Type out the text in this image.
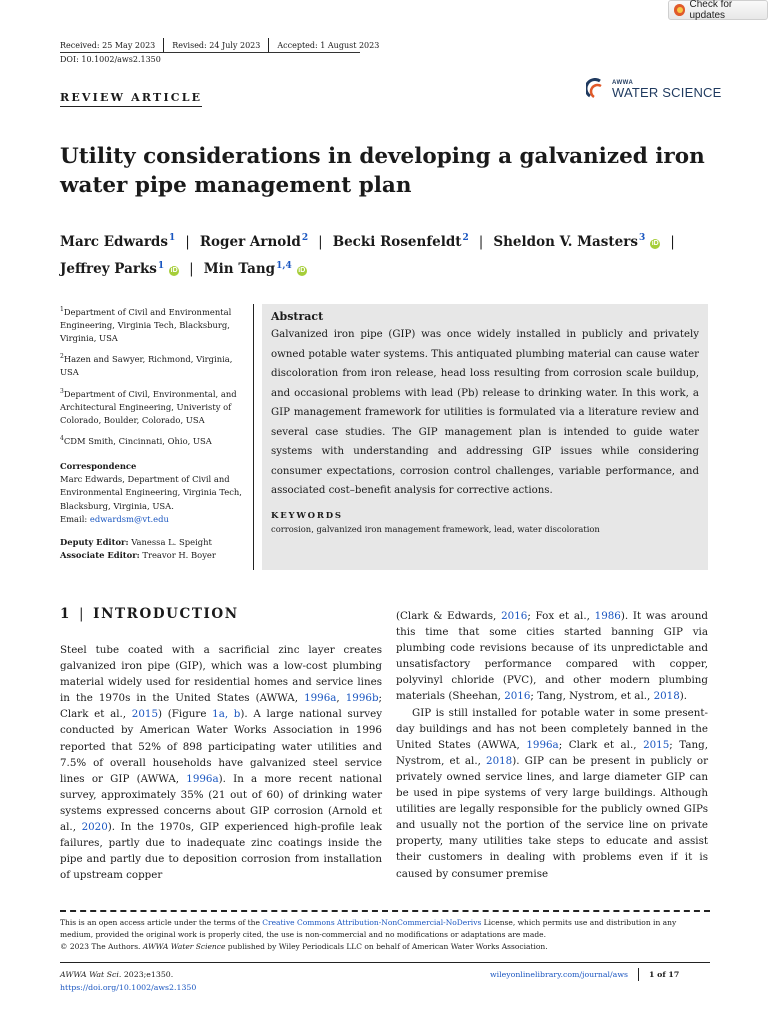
Check for updates
Received: 25 May 2023 Revised: 24 July 2023 Accepted: 1 August 2023
DOI: 10.1002/aws2.1350
REVIEW ARTICLE
AWWA
WATER SCIENCE
Utility considerations in developing a galvanized iron water pipe management plan
Marc Edwards$^1$ | Roger Arnold$^2$ | Becki Rosenfeldt$^2$ | Sheldon V. Masters$^3$ iD |
Jeffrey Parks$^1$ iD | Min Tang$^{1,4}$ iD

$^1$Department of Civil and Environmental Engineering, Virginia Tech, Blacksburg, Virginia, USA

$^2$Hazen and Sawyer, Richmond, Virginia, USA

$^3$Department of Civil, Environmental, and Architectural Engineering, Univeristy of Colorado, Boulder, Colorado, USA

$^4$CDM Smith, Cincinnati, Ohio, USA

Correspondence

Marc Edwards, Department of Civil and Environmental Engineering, Virginia Tech, Blacksburg, Virginia, USA.
Email: edwardsm@vt.edu

Deputy Editor: Vanessa L. Speight
Associate Editor: Treavor H. Boyer

Abstract

Galvanized iron pipe (GIP) was once widely installed in publicly and privately owned potable water systems. This antiquated plumbing material can cause water discoloration from iron release, head loss resulting from corrosion scale buildup, and occasional problems with lead (Pb) release to drinking water. In this work, a GIP management framework for utilities is formulated via a literature review and several case studies. The GIP management plan is intended to guide water systems with understanding and addressing GIP issues while considering consumer expectations, corrosion control challenges, variable performance, and associated cost–benefit analysis for corrective actions.

KEYWORDS
corrosion, galvanized iron management framework, lead, water discoloration
1 | INTRODUCTION

Steel tube coated with a sacrificial zinc layer creates galvanized iron pipe (GIP), which was a low-cost plumbing material widely used for residential homes and service lines in the 1970s in the United States (AWWA, 1996a, 1996b; Clark et al., 2015) (Figure 1a, b). A large national survey conducted by American Water Works Association in 1996 reported that 52% of 898 participating water utilities and 7.5% of overall households have galvanized steel service lines or GIP (AWWA, 1996a). In a more recent national survey, approximately 35% (21 out of 60) of drinking water systems expressed concerns about GIP corrosion (Arnold et al., 2020). In the 1970s, GIP experienced high-profile leak failures, partly due to inadequate zinc coatings inside the pipe and partly due to deposition corrosion from installation of upstream copper

(Clark & Edwards, 2016; Fox et al., 1986). It was around this time that some cities started banning GIP via plumbing code revisions because of its unpredictable and unsatisfactory performance compared with copper, polyvinyl chloride (PVC), and other modern plumbing materials (Sheehan, 2016; Tang, Nystrom, et al., 2018).

GIP is still installed for potable water in some present-day buildings and has not been completely banned in the United States (AWWA, 1996a; Clark et al., 2015; Tang, Nystrom, et al., 2018). GIP can be present in publicly or privately owned service lines, and large diameter GIP can be used in pipe systems of very large buildings. Although utilities are legally responsible for the publicly owned GIPs and usually not the portion of the service line on private property, many utilities take steps to educate and assist their customers in dealing with problems even if it is caused by consumer premise

This is an open access article under the terms of the Creative Commons Attribution-NonCommercial-NoDerivs License, which permits use and distribution in any medium, provided the original work is properly cited, the use is non-commercial and no modifications or adaptations are made.
© 2023 The Authors. AWWA Water Science published by Wiley Periodicals LLC on behalf of American Water Works Association.
AWWA Wat Sci. 2023;e1350.
https://doi.org/10.1002/aws2.1350
wileyonlinelibrary.com/journal/aws	1 of 17
